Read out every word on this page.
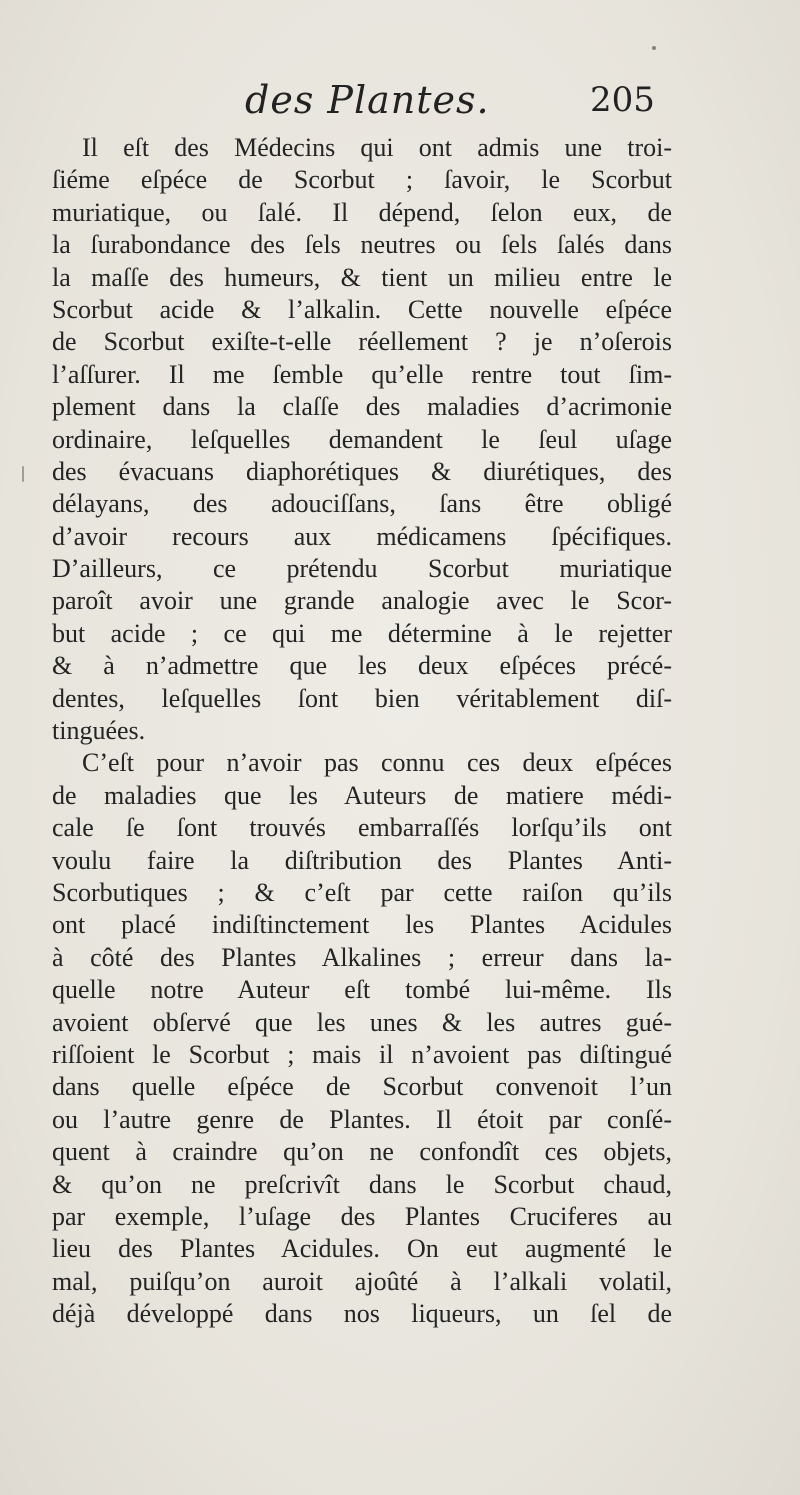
des Plantes.	205
Il eſt des Médecins qui ont admis une troi-
ſiéme eſpéce de Scorbut ; ſavoir, le Scorbut
muriatique, ou ſalé. Il dépend, ſelon eux, de
la ſurabondance des ſels neutres ou ſels ſalés dans
la maſſe des humeurs, & tient un milieu entre le
Scorbut acide & l’alkalin. Cette nouvelle eſpéce
de Scorbut exiſte-t-elle réellement ? je n’oſerois
l’aſſurer. Il me ſemble qu’elle rentre tout ſim-
plement dans la claſſe des maladies d’acrimonie
ordinaire, leſquelles demandent le ſeul uſage
des évacuans diaphorétiques & diurétiques, des
délayans, des adouciſſans, ſans être obligé
d’avoir recours aux médicamens ſpécifiques.
D’ailleurs, ce prétendu Scorbut muriatique
paroît avoir une grande analogie avec le Scor-
but acide ; ce qui me détermine à le rejetter
& à n’admettre que les deux eſpéces précé-
dentes, leſquelles ſont bien véritablement diſ-
tinguées.
C’eſt pour n’avoir pas connu ces deux eſpéces
de maladies que les Auteurs de matiere médi-
cale ſe ſont trouvés embarraſſés lorſqu’ils ont
voulu faire la diſtribution des Plantes Anti-
Scorbutiques ; & c’eſt par cette raiſon qu’ils
ont placé indiſtinctement les Plantes Acidules
à côté des Plantes Alkalines ; erreur dans la-
quelle notre Auteur eſt tombé lui-même. Ils
avoient obſervé que les unes & les autres gué-
riſſoient le Scorbut ; mais il n’avoient pas diſtingué
dans quelle eſpéce de Scorbut convenoit l’un
ou l’autre genre de Plantes. Il étoit par conſé-
quent à craindre qu’on ne confondît ces objets,
& qu’on ne preſcrivît dans le Scorbut chaud,
par exemple, l’uſage des Plantes Cruciferes au
lieu des Plantes Acidules. On eut augmenté le
mal, puiſqu’on auroit ajoûté à l’alkali volatil,
déjà développé dans nos liqueurs, un ſel de
